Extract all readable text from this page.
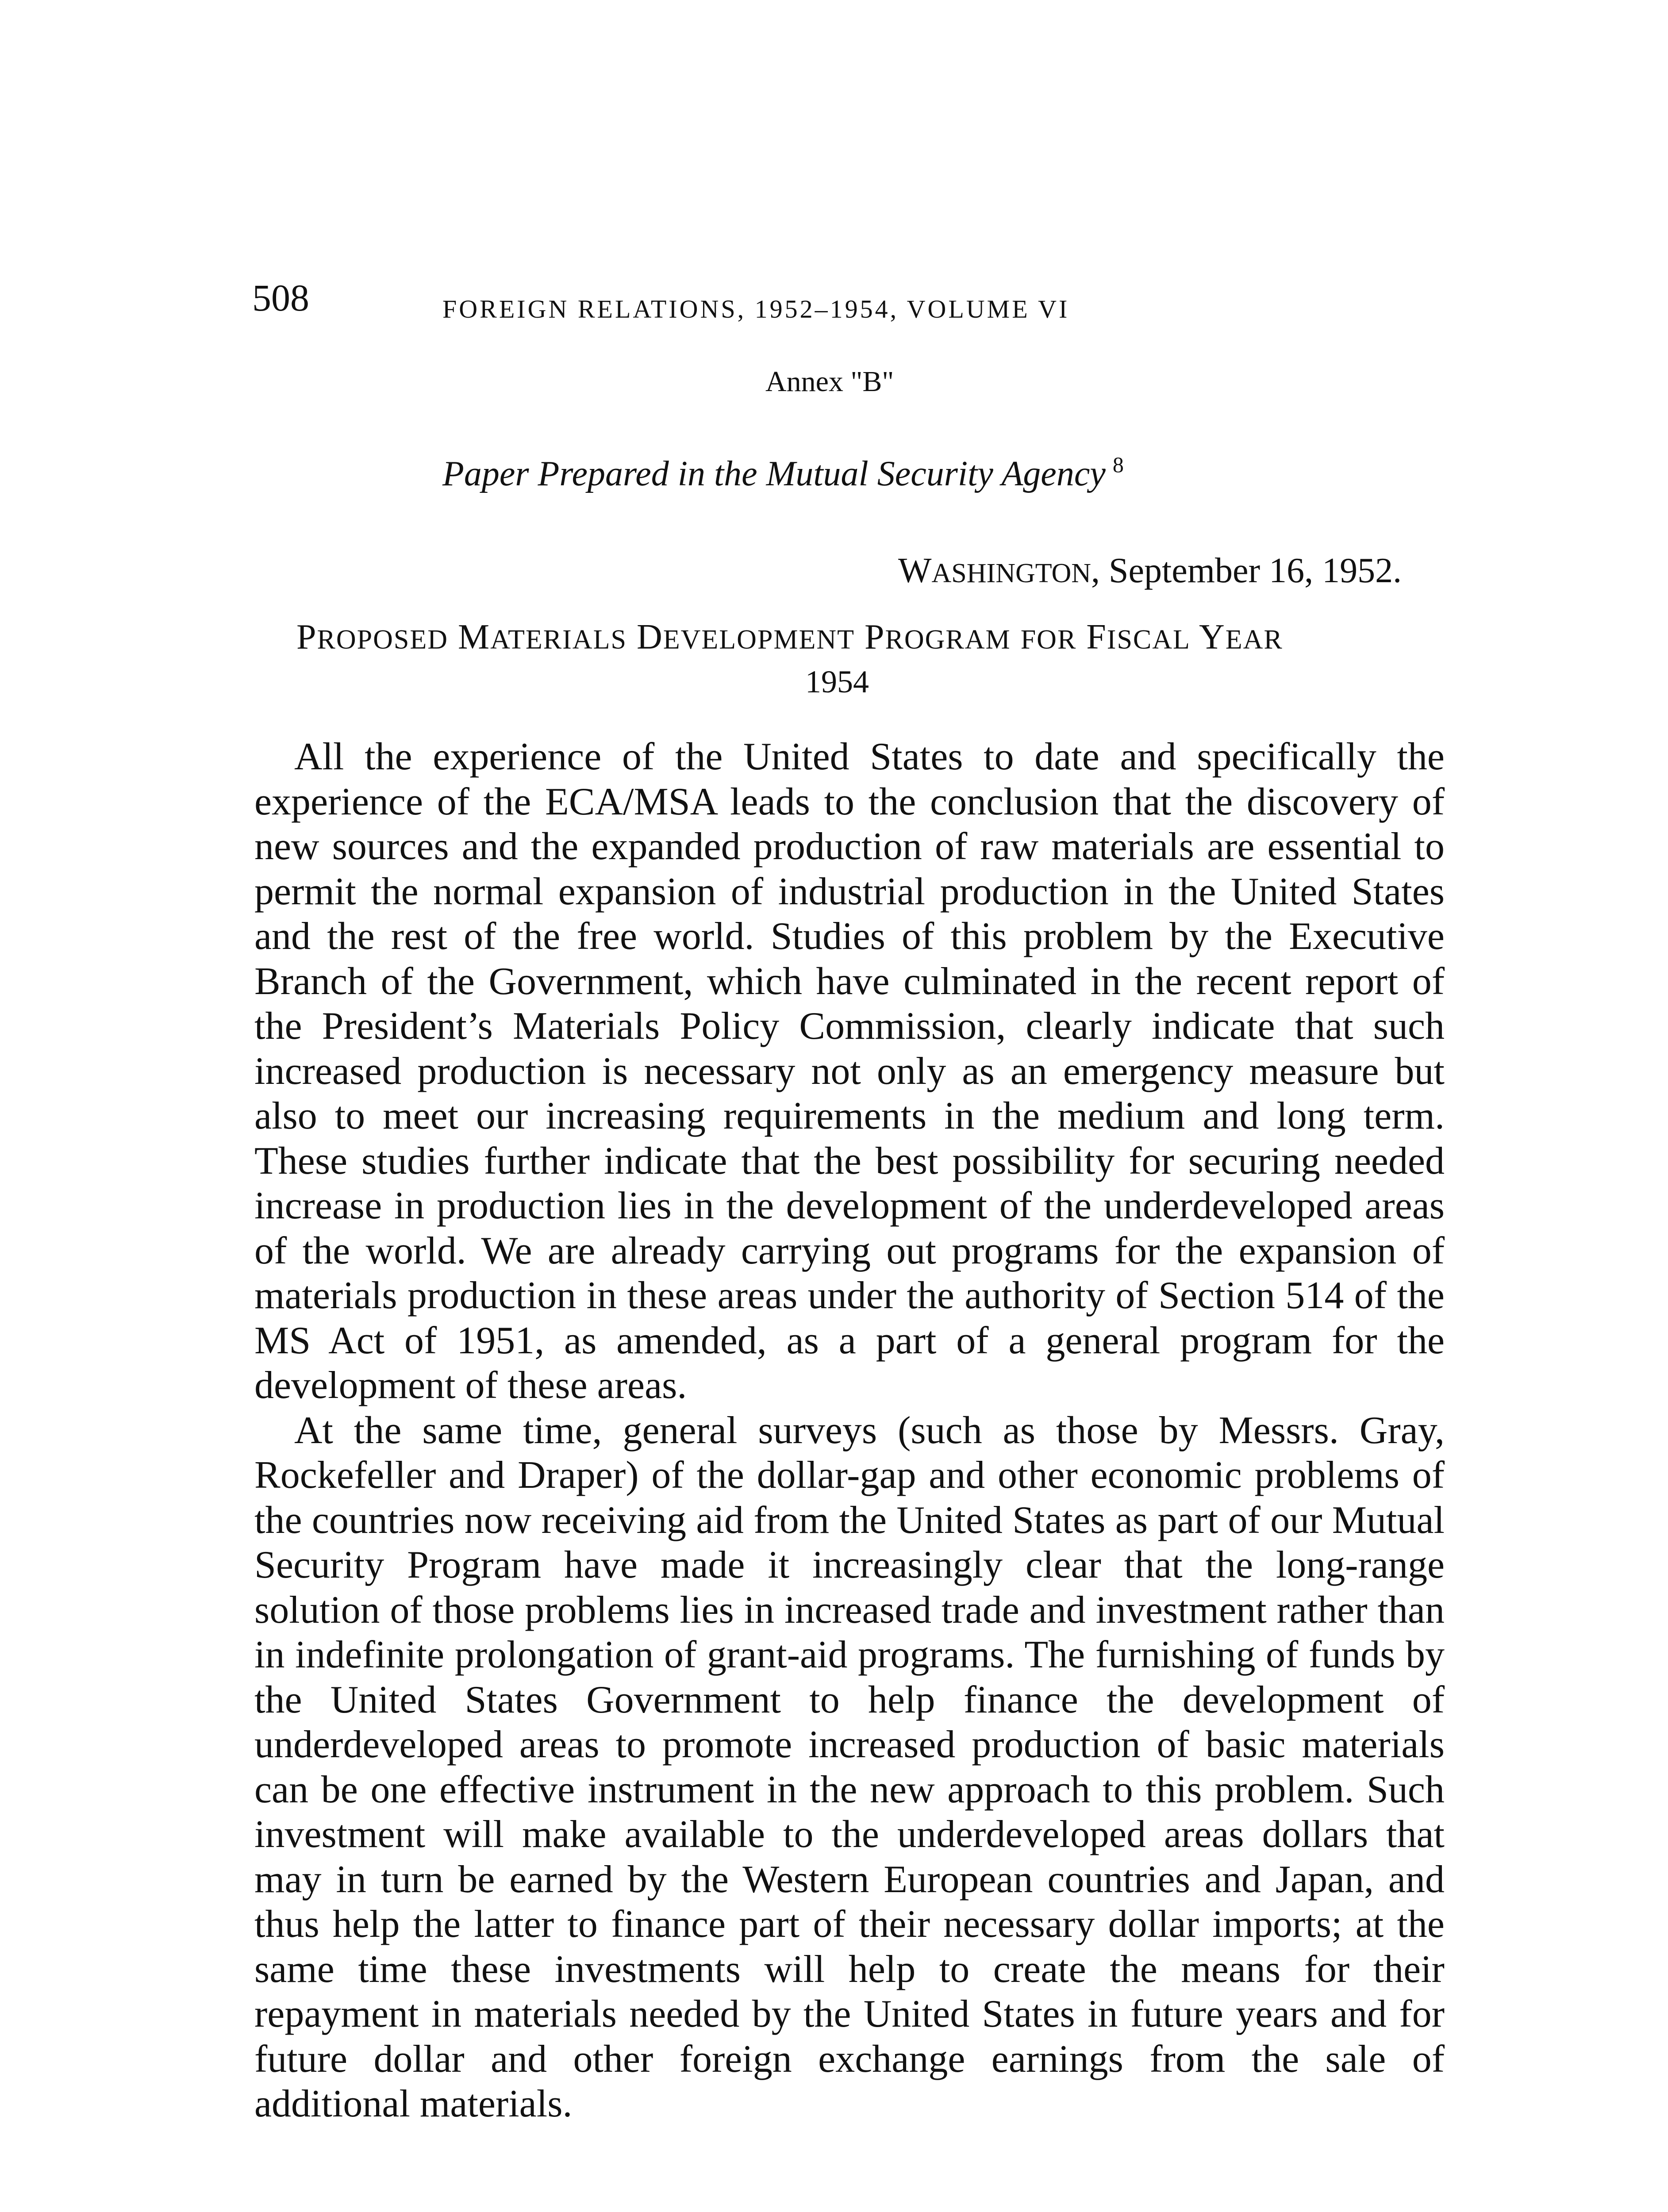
508	FOREIGN RELATIONS, 1952–1954, VOLUME VI
Annex "B"
Paper Prepared in the Mutual Security Agency $^8$
WASHINGTON, September 16, 1952.
PROPOSED MATERIALS DEVELOPMENT PROGRAM FOR FISCAL YEAR
1954

All the experience of the United States to date and specifically the experience of the ECA/MSA leads to the conclusion that the discovery of new sources and the expanded production of raw materials are essential to permit the normal expansion of industrial production in the United States and the rest of the free world. Studies of this problem by the Executive Branch of the Government, which have culminated in the recent report of the President’s Materials Policy Commission, clearly indicate that such increased production is necessary not only as an emergency measure but also to meet our increasing requirements in the medium and long term. These studies further indicate that the best possibility for securing needed increase in production lies in the development of the underdeveloped areas of the world. We are already carrying out programs for the expansion of materials production in these areas under the authority of Section 514 of the MS Act of 1951, as amended, as a part of a general program for the development of these areas.

At the same time, general surveys (such as those by Messrs. Gray, Rockefeller and Draper) of the dollar-gap and other economic problems of the countries now receiving aid from the United States as part of our Mutual Security Program have made it increasingly clear that the long-range solution of those problems lies in increased trade and investment rather than in indefinite prolongation of grant-aid programs. The furnishing of funds by the United States Government to help finance the development of underdeveloped areas to promote increased production of basic materials can be one effective instrument in the new approach to this problem. Such investment will make available to the underdeveloped areas dollars that may in turn be earned by the Western European countries and Japan, and thus help the latter to finance part of their necessary dollar imports; at the same time these investments will help to create the means for their repayment in materials needed by the United States in future years and for future dollar and other foreign exchange earnings from the sale of additional materials.
